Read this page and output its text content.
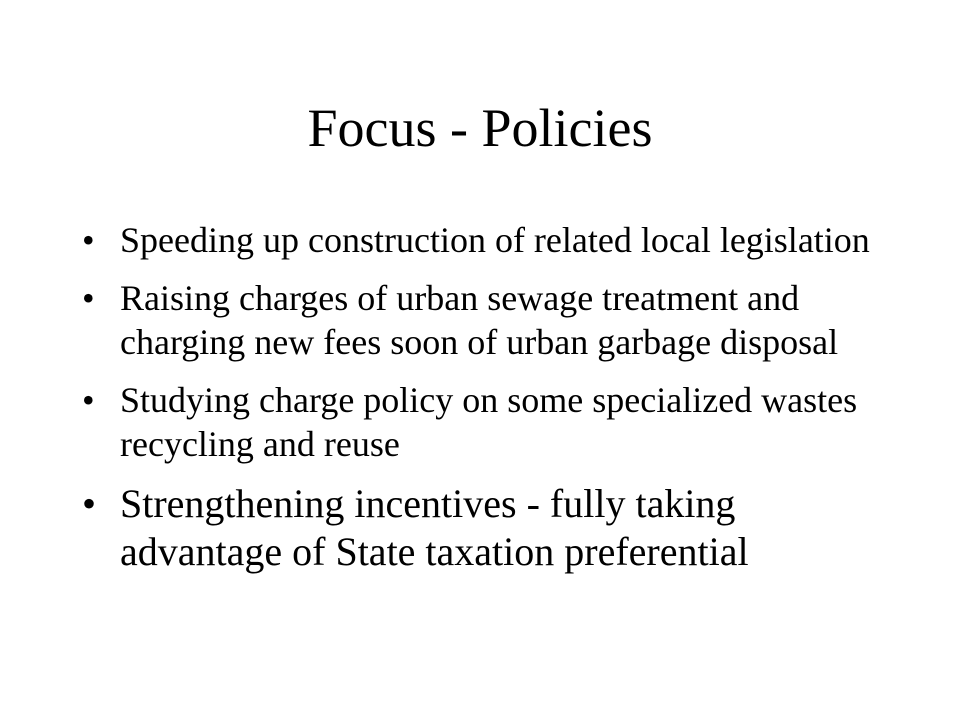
Focus - Policies
• Speeding up construction of related local legislation
• Raising charges of urban sewage treatment and charging new fees soon of urban garbage disposal
• Studying charge policy on some specialized wastes recycling and reuse
• Strengthening incentives - fully taking advantage of State taxation preferential
